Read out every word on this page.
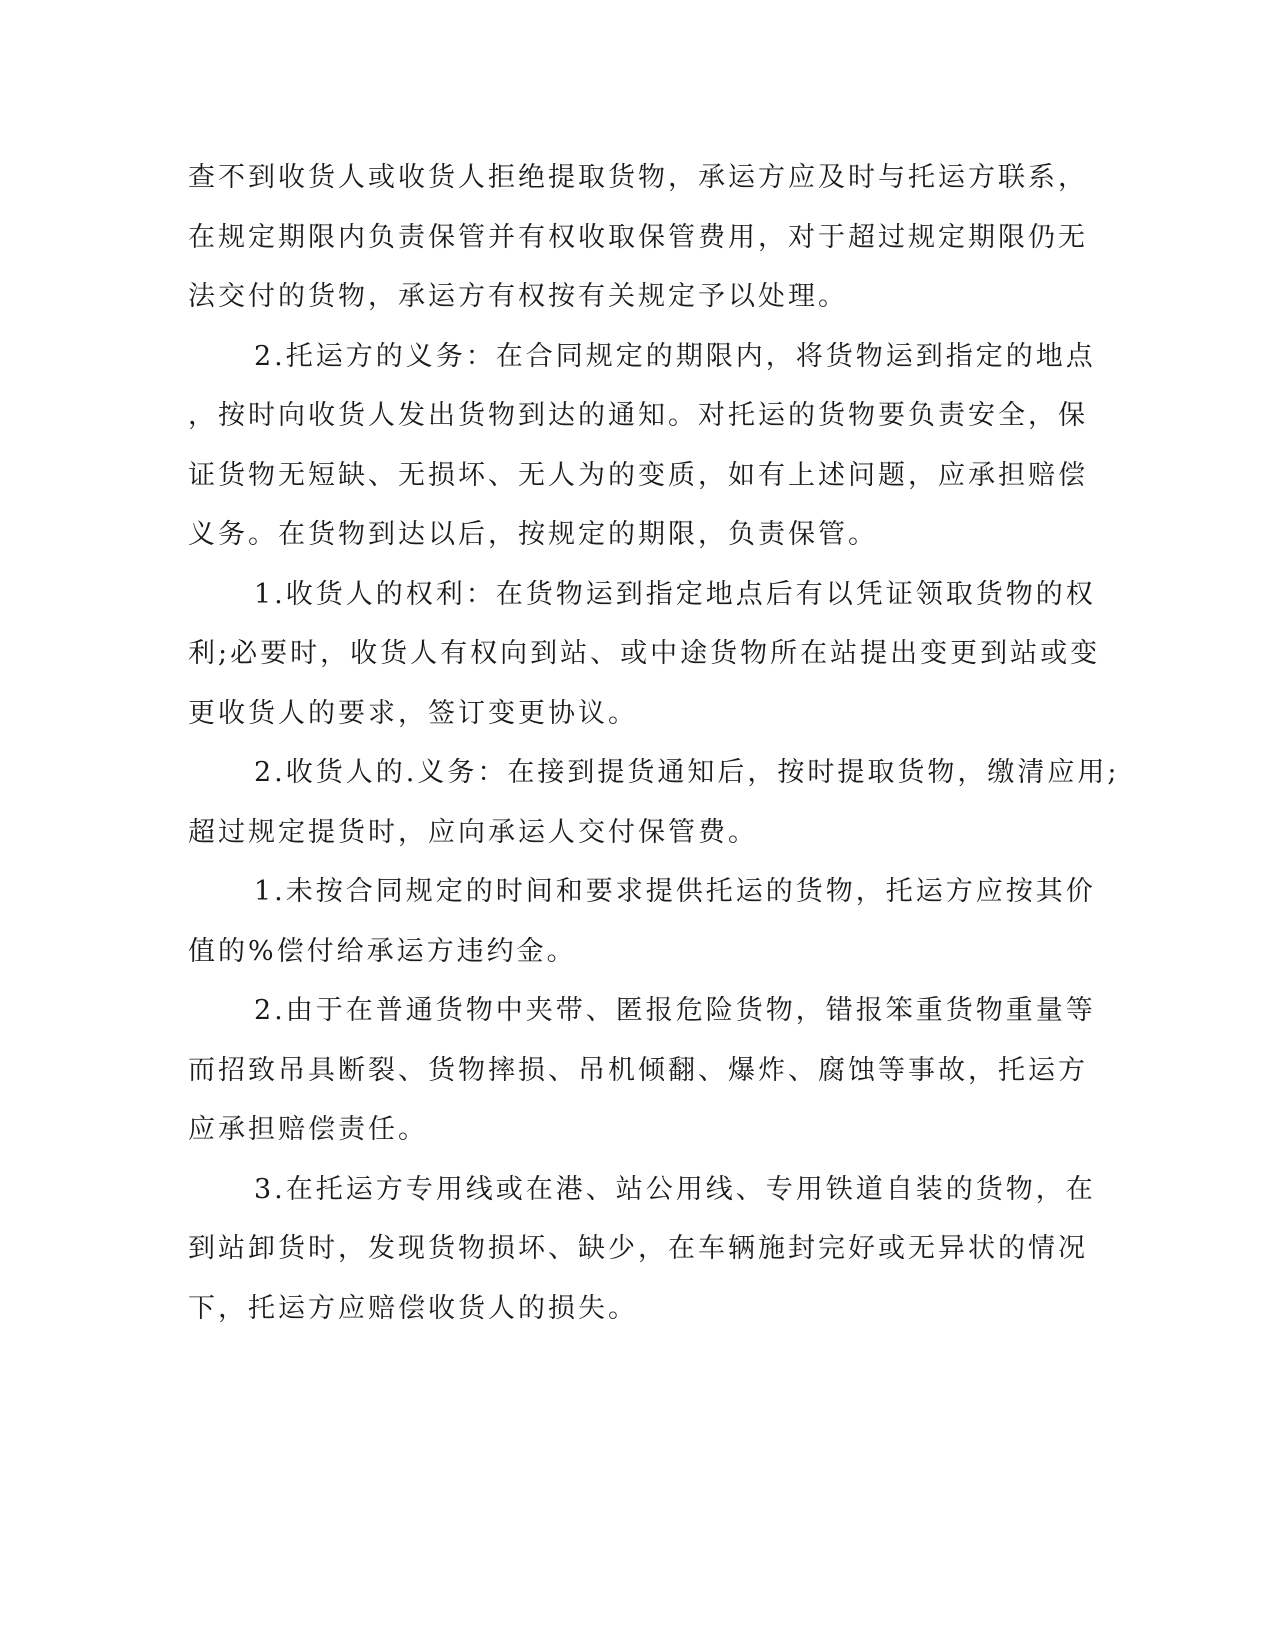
查不到收货人或收货人拒绝提取货物，承运方应及时与托运方联系，
在规定期限内负责保管并有权收取保管费用，对于超过规定期限仍无
法交付的货物，承运方有权按有关规定予以处理。
2.托运方的义务：在合同规定的期限内，将货物运到指定的地点
，按时向收货人发出货物到达的通知。对托运的货物要负责安全，保
证货物无短缺、无损坏、无人为的变质，如有上述问题，应承担赔偿
义务。在货物到达以后，按规定的期限，负责保管。
1.收货人的权利：在货物运到指定地点后有以凭证领取货物的权
利;必要时，收货人有权向到站、或中途货物所在站提出变更到站或变
更收货人的要求，签订变更协议。
2.收货人的.义务：在接到提货通知后，按时提取货物，缴清应用;
超过规定提货时，应向承运人交付保管费。
1.未按合同规定的时间和要求提供托运的货物，托运方应按其价
值的%偿付给承运方违约金。
2.由于在普通货物中夹带、匿报危险货物，错报笨重货物重量等
而招致吊具断裂、货物摔损、吊机倾翻、爆炸、腐蚀等事故，托运方
应承担赔偿责任。
3.在托运方专用线或在港、站公用线、专用铁道自装的货物，在
到站卸货时，发现货物损坏、缺少，在车辆施封完好或无异状的情况
下，托运方应赔偿收货人的损失。
